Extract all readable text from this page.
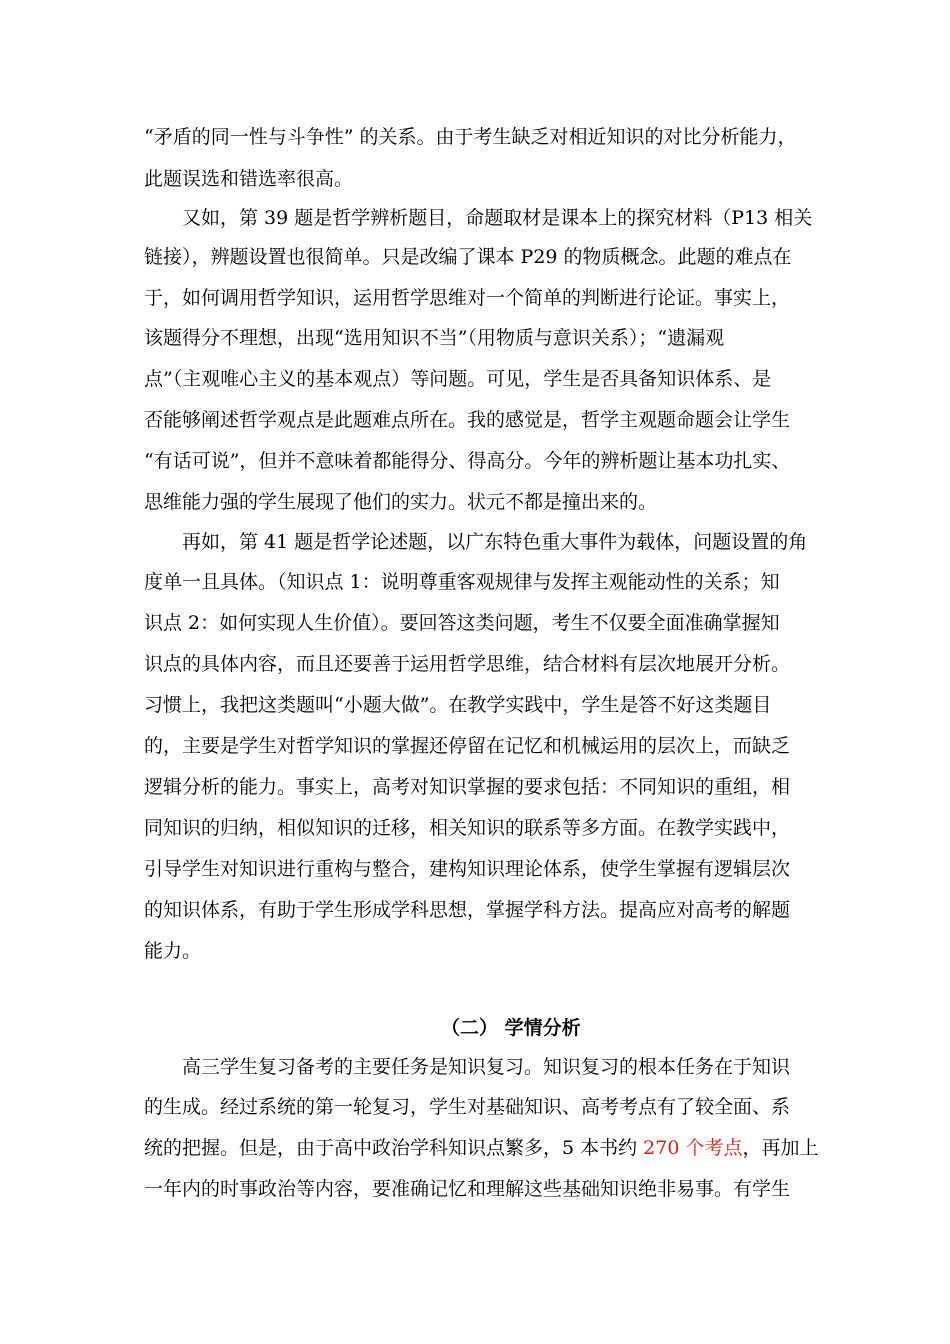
“矛盾的同一性与斗争性” 的关系。由于考生缺乏对相近知识的对比分析能力，
此题误选和错选率很高。
又如，第 39 题是哲学辨析题目，命题取材是课本上的探究材料（P13 相关
链接），辨题设置也很简单。只是改编了课本 P29 的物质概念。此题的难点在
于，如何调用哲学知识，运用哲学思维对一个简单的判断进行论证。事实上，
该题得分不理想，出现“选用知识不当”（用物质与意识关系）；“遗漏观
点”（主观唯心主义的基本观点）等问题。可见，学生是否具备知识体系、是
否能够阐述哲学观点是此题难点所在。我的感觉是，哲学主观题命题会让学生
“有话可说”，但并不意味着都能得分、得高分。今年的辨析题让基本功扎实、
思维能力强的学生展现了他们的实力。状元不都是撞出来的。
再如，第 41 题是哲学论述题，以广东特色重大事件为载体，问题设置的角
度单一且具体。（知识点 1：说明尊重客观规律与发挥主观能动性的关系；知
识点 2：如何实现人生价值）。要回答这类问题，考生不仅要全面准确掌握知
识点的具体内容，而且还要善于运用哲学思维，结合材料有层次地展开分析。
习惯上，我把这类题叫“小题大做”。在教学实践中，学生是答不好这类题目
的，主要是学生对哲学知识的掌握还停留在记忆和机械运用的层次上，而缺乏
逻辑分析的能力。事实上，高考对知识掌握的要求包括：不同知识的重组，相
同知识的归纳，相似知识的迁移，相关知识的联系等多方面。在教学实践中，
引导学生对知识进行重构与整合，建构知识理论体系，使学生掌握有逻辑层次
的知识体系，有助于学生形成学科思想，掌握学科方法。提高应对高考的解题
能力。
（二） 学情分析
高三学生复习备考的主要任务是知识复习。知识复习的根本任务在于知识
的生成。经过系统的第一轮复习，学生对基础知识、高考考点有了较全面、系
统的把握。但是，由于高中政治学科知识点繁多，5 本书约 270 个考点，再加上
一年内的时事政治等内容，要准确记忆和理解这些基础知识绝非易事。有学生
